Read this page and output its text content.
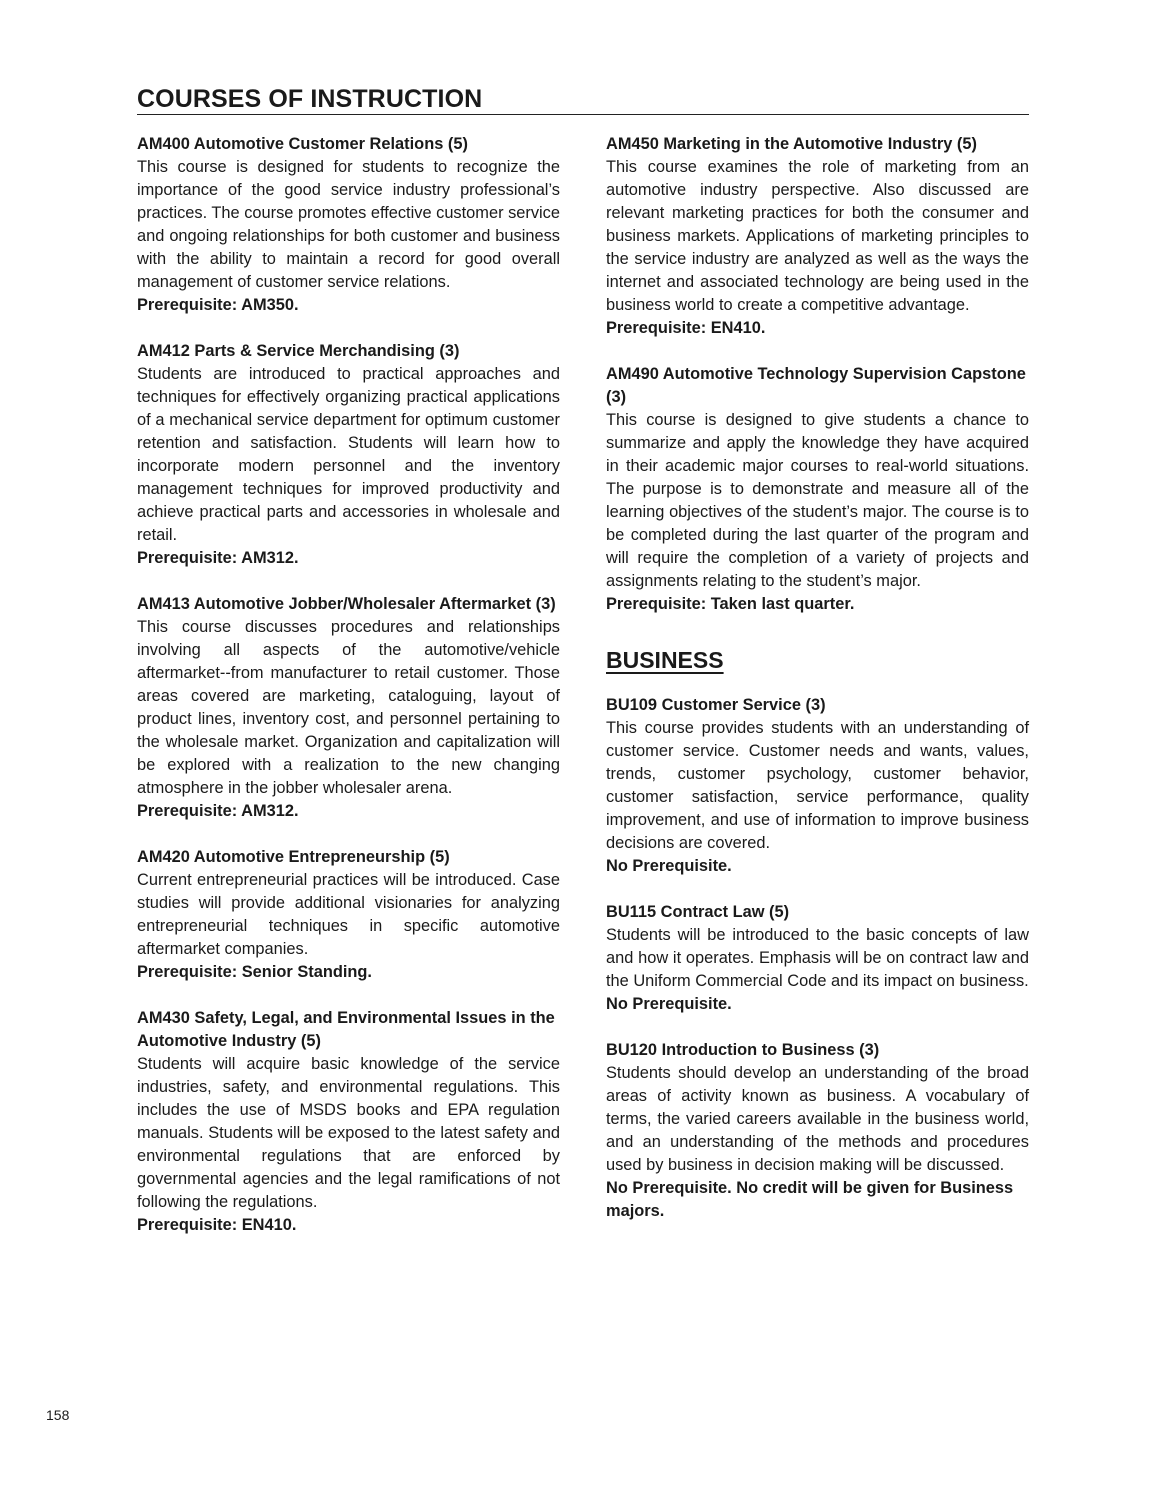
COURSES OF INSTRUCTION
AM400 Automotive Customer Relations (5)
This course is designed for students to recognize the importance of the good service industry professional’s practices. The course promotes effective customer service and ongoing relationships for both customer and business with the ability to maintain a record for good overall management of customer service relations.
Prerequisite: AM350.
AM412 Parts & Service Merchandising (3)
Students are introduced to practical approaches and techniques for effectively organizing practical applications of a mechanical service department for optimum customer retention and satisfaction. Students will learn how to incorporate modern personnel and the inventory management techniques for improved productivity and achieve practical parts and accessories in wholesale and retail.
Prerequisite: AM312.
AM413 Automotive Jobber/Wholesaler Aftermarket (3)
This course discusses procedures and relationships involving all aspects of the automotive/vehicle aftermarket--from manufacturer to retail customer. Those areas covered are marketing, cataloguing, layout of product lines, inventory cost, and personnel pertaining to the wholesale market. Organization and capitalization will be explored with a realization to the new changing atmosphere in the jobber wholesaler arena.
Prerequisite: AM312.
AM420 Automotive Entrepreneurship (5)
Current entrepreneurial practices will be introduced. Case studies will provide additional visionaries for analyzing entrepreneurial techniques in specific automotive aftermarket companies.
Prerequisite: Senior Standing.
AM430 Safety, Legal, and Environmental Issues in the Automotive Industry (5)
Students will acquire basic knowledge of the service industries, safety, and environmental regulations. This includes the use of MSDS books and EPA regulation manuals. Students will be exposed to the latest safety and environmental regulations that are enforced by governmental agencies and the legal ramifications of not following the regulations.
Prerequisite: EN410.
AM450 Marketing in the Automotive Industry (5)
This course examines the role of marketing from an automotive industry perspective. Also discussed are relevant marketing practices for both the consumer and business markets. Applications of marketing principles to the service industry are analyzed as well as the ways the internet and associated technology are being used in the business world to create a competitive advantage.
Prerequisite: EN410.
AM490 Automotive Technology Supervision Capstone (3)
This course is designed to give students a chance to summarize and apply the knowledge they have acquired in their academic major courses to real-world situations. The purpose is to demonstrate and measure all of the learning objectives of the student’s major. The course is to be completed during the last quarter of the program and will require the completion of a variety of projects and assignments relating to the student’s major.
Prerequisite: Taken last quarter.
BUSINESS
BU109 Customer Service (3)
This course provides students with an understanding of customer service. Customer needs and wants, values, trends, customer psychology, customer behavior, customer satisfaction, service performance, quality improvement, and use of information to improve business decisions are covered.
No Prerequisite.
BU115 Contract Law (5)
Students will be introduced to the basic concepts of law and how it operates. Emphasis will be on contract law and the Uniform Commercial Code and its impact on business.
No Prerequisite.
BU120 Introduction to Business (3)
Students should develop an understanding of the broad areas of activity known as business. A vocabulary of terms, the varied careers available in the business world, and an understanding of the methods and procedures used by business in decision making will be discussed.
No Prerequisite. No credit will be given for Business majors.
158
